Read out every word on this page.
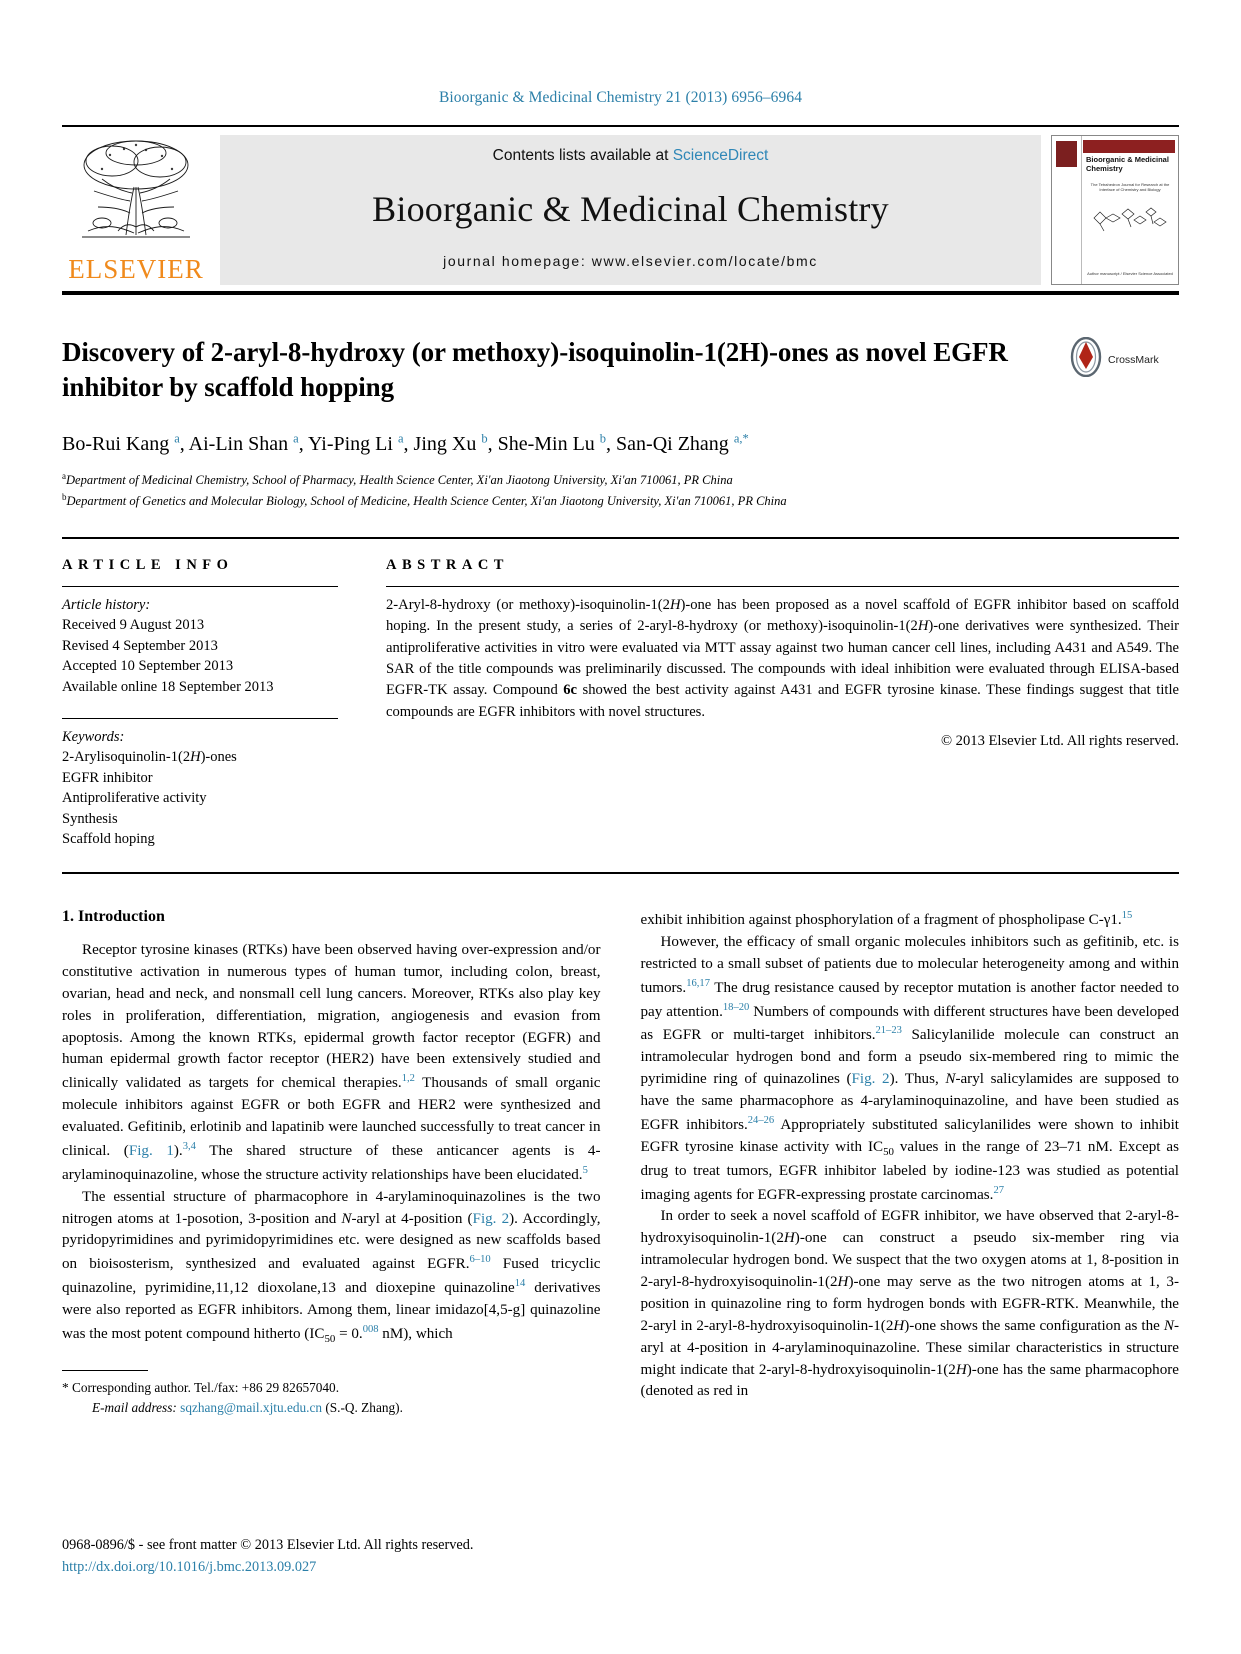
Bioorganic & Medicinal Chemistry 21 (2013) 6956–6964
ELSEVIER
Contents lists available at ScienceDirect
Bioorganic & Medicinal Chemistry
journal homepage: www.elsevier.com/locate/bmc
Bioorganic & Medicinal Chemistry
The Tetrahedron Journal for Research at the Interface of Chemistry and Biology
Author manuscript / Elsevier Science Associated
Discovery of 2-aryl-8-hydroxy (or methoxy)-isoquinolin-1(2H)-ones as novel EGFR inhibitor by scaffold hopping
CrossMark
Bo-Rui Kang $^a$, Ai-Lin Shan $^a$, Yi-Ping Li $^a$, Jing Xu $^b$, She-Min Lu $^b$, San-Qi Zhang $^{a,*}$
$^a$Department of Medicinal Chemistry, School of Pharmacy, Health Science Center, Xi'an Jiaotong University, Xi'an 710061, PR China
$^b$Department of Genetics and Molecular Biology, School of Medicine, Health Science Center, Xi'an Jiaotong University, Xi'an 710061, PR China
ARTICLE INFO
Article history:
Received 9 August 2013
Revised 4 September 2013
Accepted 10 September 2013
Available online 18 September 2013
Keywords:
2-Arylisoquinolin-1(2H)-ones
EGFR inhibitor
Antiproliferative activity
Synthesis
Scaffold hoping
ABSTRACT
2-Aryl-8-hydroxy (or methoxy)-isoquinolin-1(2H)-one has been proposed as a novel scaffold of EGFR inhibitor based on scaffold hoping. In the present study, a series of 2-aryl-8-hydroxy (or methoxy)-isoquinolin-1(2H)-one derivatives were synthesized. Their antiproliferative activities in vitro were evaluated via MTT assay against two human cancer cell lines, including A431 and A549. The SAR of the title compounds was preliminarily discussed. The compounds with ideal inhibition were evaluated through ELISA-based EGFR-TK assay. Compound 6c showed the best activity against A431 and EGFR tyrosine kinase. These findings suggest that title compounds are EGFR inhibitors with novel structures.
© 2013 Elsevier Ltd. All rights reserved.
1. Introduction

Receptor tyrosine kinases (RTKs) have been observed having over-expression and/or constitutive activation in numerous types of human tumor, including colon, breast, ovarian, head and neck, and nonsmall cell lung cancers. Moreover, RTKs also play key roles in proliferation, differentiation, migration, angiogenesis and evasion from apoptosis. Among the known RTKs, epidermal growth factor receptor (EGFR) and human epidermal growth factor receptor (HER2) have been extensively studied and clinically validated as targets for chemical therapies.$^{1,2}$ Thousands of small organic molecule inhibitors against EGFR or both EGFR and HER2 were synthesized and evaluated. Gefitinib, erlotinib and lapatinib were launched successfully to treat cancer in clinical. (Fig. 1).$^{3,4}$ The shared structure of these anticancer agents is 4-arylaminoquinazoline, whose the structure activity relationships have been elucidated.$^5$

The essential structure of pharmacophore in 4-arylaminoquinazolines is the two nitrogen atoms at 1-posotion, 3-position and N-aryl at 4-position (Fig. 2). Accordingly, pyridopyrimidines and pyrimidopyrimidines etc. were designed as new scaffolds based on bioisosterism, synthesized and evaluated against EGFR.$^{6-10}$ Fused tricyclic quinazoline, pyrimidine,11,12 dioxolane,13 and dioxepine quinazoline$^{14}$ derivatives were also reported as EGFR inhibitors. Among them, linear imidazo[4,5-g] quinazoline was the most potent compound hitherto ($IC_{50} = 0.^{008}$ nM), which

* Corresponding author. Tel./fax: +86 29 82657040.
E-mail address: sqzhang@mail.xjtu.edu.cn (S.-Q. Zhang).

exhibit inhibition against phosphorylation of a fragment of phospholipase C-γ1.15

However, the efficacy of small organic molecules inhibitors such as gefitinib, etc. is restricted to a small subset of patients due to molecular heterogeneity among and within tumors.$^{16,17}$ The drug resistance caused by receptor mutation is another factor needed to pay attention.$^{18-20}$ Numbers of compounds with different structures have been developed as EGFR or multi-target inhibitors.$^{21-23}$ Salicylanilide molecule can construct an intramolecular hydrogen bond and form a pseudo six-membered ring to mimic the pyrimidine ring of quinazolines (Fig. 2). Thus, N-aryl salicylamides are supposed to have the same pharmacophore as 4-arylaminoquinazoline, and have been studied as EGFR inhibitors.$^{24-26}$ Appropriately substituted salicylanilides were shown to inhibit EGFR tyrosine kinase activity with $IC_{50}$ values in the range of 23–71 nM. Except as drug to treat tumors, EGFR inhibitor labeled by iodine-123 was studied as potential imaging agents for EGFR-expressing prostate carcinomas.$^{27}$

In order to seek a novel scaffold of EGFR inhibitor, we have observed that 2-aryl-8-hydroxyisoquinolin-1(2H)-one can construct a pseudo six-member ring via intramolecular hydrogen bond. We suspect that the two oxygen atoms at 1, 8-position in 2-aryl-8-hydroxyisoquinolin-1(2H)-one may serve as the two nitrogen atoms at 1, 3-position in quinazoline ring to form hydrogen bonds with EGFR-RTK. Meanwhile, the 2-aryl in 2-aryl-8-hydroxyisoquinolin-1(2H)-one shows the same configuration as the N-aryl at 4-position in 4-arylaminoquinazoline. These similar characteristics in structure might indicate that 2-aryl-8-hydroxyisoquinolin-1(2H)-one has the same pharmacophore (denoted as red in

0968-0896/$ - see front matter © 2013 Elsevier Ltd. All rights reserved.
http://dx.doi.org/10.1016/j.bmc.2013.09.027
